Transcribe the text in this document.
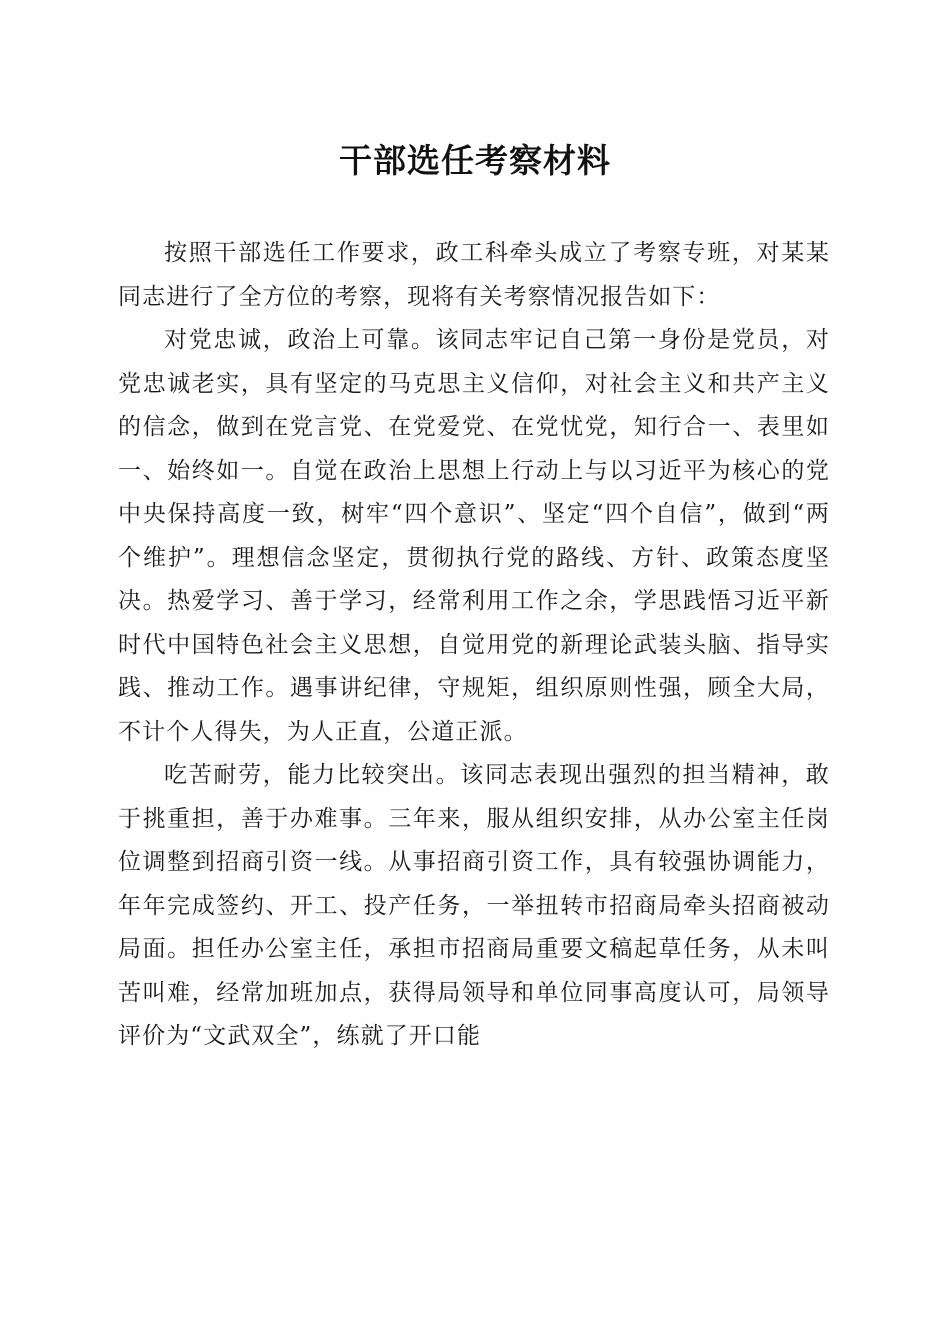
干部选任考察材料

按照干部选任工作要求，政工科牵头成立了考察专班，对某某同志进行了全方位的考察，现将有关考察情况报告如下：

对党忠诚，政治上可靠。该同志牢记自己第一身份是党员，对党忠诚老实，具有坚定的马克思主义信仰，对社会主义和共产主义的信念，做到在党言党、在党爱党、在党忧党，知行合一、表里如一、始终如一。自觉在政治上思想上行动上与以习近平为核心的党中央保持高度一致，树牢“四个意识”、坚定“四个自信”，做到“两个维护”。理想信念坚定，贯彻执行党的路线、方针、政策态度坚决。热爱学习、善于学习，经常利用工作之余，学思践悟习近平新时代中国特色社会主义思想，自觉用党的新理论武装头脑、指导实践、推动工作。遇事讲纪律，守规矩，组织原则性强，顾全大局，不计个人得失，为人正直，公道正派。

吃苦耐劳，能力比较突出。该同志表现出强烈的担当精神，敢于挑重担，善于办难事。三年来，服从组织安排，从办公室主任岗位调整到招商引资一线。从事招商引资工作，具有较强协调能力，年年完成签约、开工、投产任务，一举扭转市招商局牵头招商被动局面。担任办公室主任，承担市招商局重要文稿起草任务，从未叫苦叫难，经常加班加点，获得局领导和单位同事高度认可，局领导评价为“文武双全”，练就了开口能
